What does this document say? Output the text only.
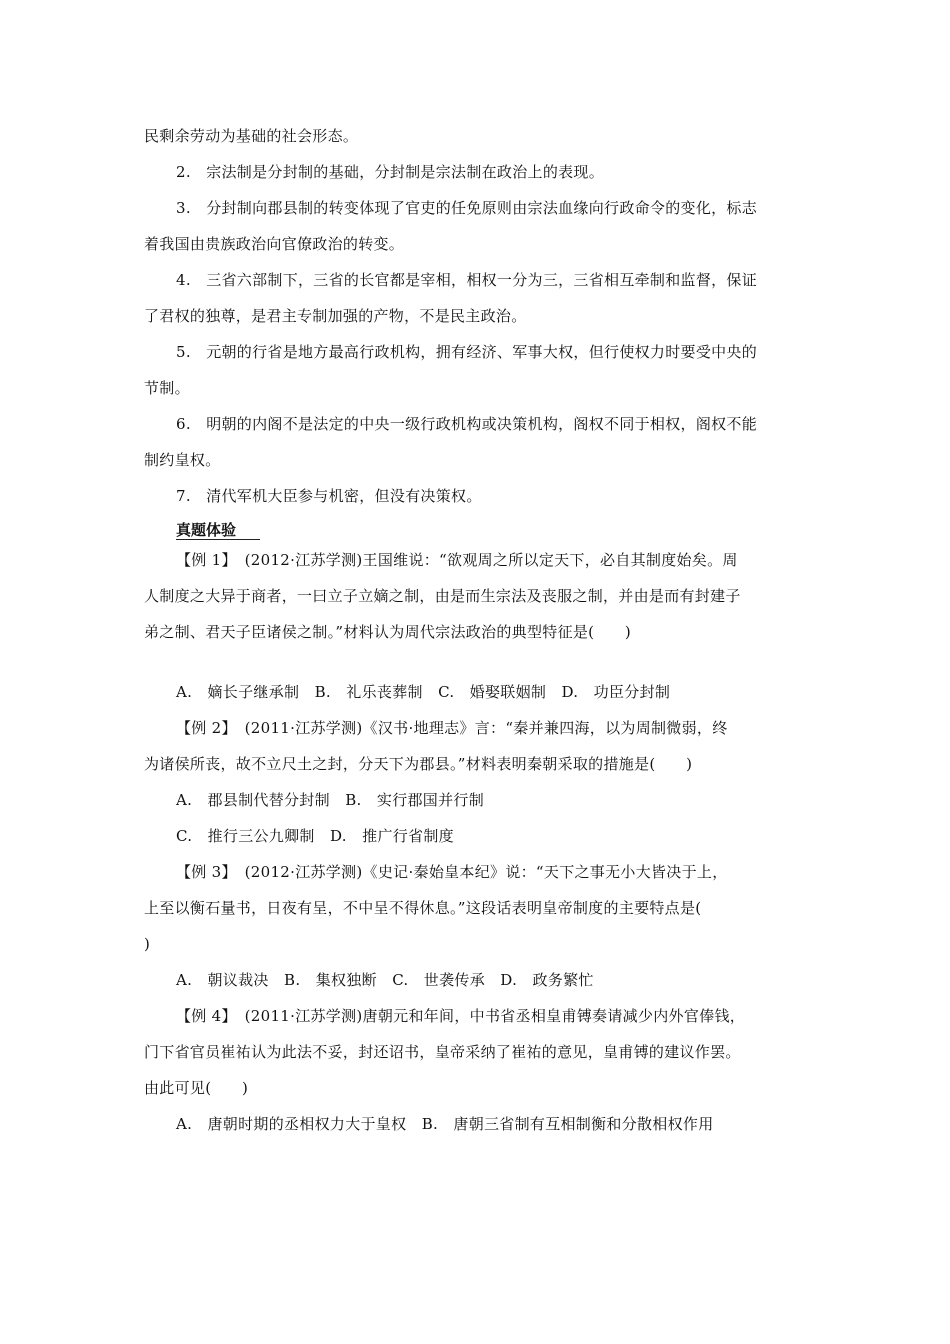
民剩余劳动为基础的社会形态。

2.　宗法制是分封制的基础，分封制是宗法制在政治上的表现。

3.　分封制向郡县制的转变体现了官吏的任免原则由宗法血缘向行政命令的变化，标志

着我国由贵族政治向官僚政治的转变。

4.　三省六部制下，三省的长官都是宰相，相权一分为三，三省相互牵制和监督，保证

了君权的独尊，是君主专制加强的产物，不是民主政治。

5.　元朝的行省是地方最高行政机构，拥有经济、军事大权，但行使权力时要受中央的

节制。

6.　明朝的内阁不是法定的中央一级行政机构或决策机构，阁权不同于相权，阁权不能

制约皇权。

7.　清代军机大臣参与机密，但没有决策权。

真题体验

【例 1】　(2012·江苏学测)王国维说：“欲观周之所以定天下，必自其制度始矣。周

人制度之大异于商者，一曰立子立嫡之制，由是而生宗法及丧服之制，并由是而有封建子

弟之制、君天子臣诸侯之制。”材料认为周代宗法政治的典型特征是(　　)

A.　嫡长子继承制　B.　礼乐丧葬制　C.　婚娶联姻制　D.　功臣分封制

【例 2】　(2011·江苏学测)《汉书·地理志》言：“秦并兼四海，以为周制微弱，终

为诸侯所丧，故不立尺土之封，分天下为郡县。”材料表明秦朝采取的措施是(　　)

A.　郡县制代替分封制　B.　实行郡国并行制

C.　推行三公九卿制　D.　推广行省制度

【例 3】　(2012·江苏学测)《史记·秦始皇本纪》说：“天下之事无小大皆决于上，

上至以衡石量书，日夜有呈，不中呈不得休息。”这段话表明皇帝制度的主要特点是(

)

A.　朝议裁决　B.　集权独断　C.　世袭传承　D.　政务繁忙

【例 4】　(2011·江苏学测)唐朝元和年间，中书省丞相皇甫镈奏请减少内外官俸钱，

门下省官员崔祐认为此法不妥，封还诏书，皇帝采纳了崔祐的意见，皇甫镈的建议作罢。

由此可见(　　)

A.　唐朝时期的丞相权力大于皇权　B.　唐朝三省制有互相制衡和分散相权作用
